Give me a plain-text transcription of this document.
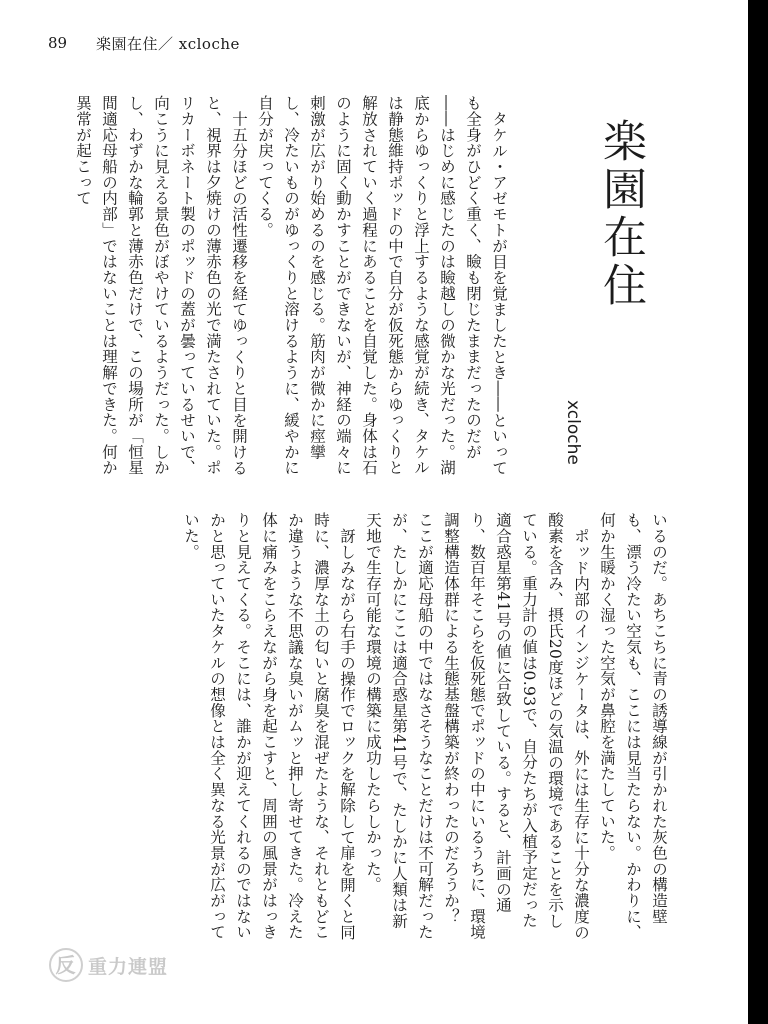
89 楽園在住／ xcloche
楽園在住
xcloche

タケル・アゼモトが目を覚ましたとき――といっても全身がひどく重く、瞼も閉じたままだったのだが――はじめに感じたのは瞼越しの微かな光だった。湖底からゆっくりと浮上するような感覚が続き、タケルは静態維持ポッドの中で自分が仮死態からゆっくりと解放されていく過程にあることを自覚した。身体は石のように固く動かすことができないが、神経の端々に刺激が広がり始めるのを感じる。筋肉が微かに痙攣し、冷たいものがゆっくりと溶けるように、緩やかに自分が戻ってくる。

十五分ほどの活性遷移を経てゆっくりと目を開けると、視界は夕焼けの薄赤色の光で満たされていた。ポリカーボネート製のポッドの蓋が曇っているせいで、向こうに見える景色がぼやけているようだった。しかし、わずかな輪郭と薄赤色だけで、この場所が「恒星間適応母船の内部」ではないことは理解できた。何か異常が起こって

いるのだ。あちこちに青の誘導線が引かれた灰色の構造壁も、漂う冷たい空気も、ここには見当たらない。かわりに、何か生暖かく湿った空気が鼻腔を満たしていた。

ポッド内部のインジケータは、外には生存に十分な濃度の酸素を含み、摂氏20度ほどの気温の環境であることを示している。重力計の値は0.93で、自分たちが入植予定だった適合惑星第41号の値に合致している。すると、計画の通り、数百年そこらを仮死態でポッドの中にいるうちに、環境調整構造体群による生態基盤構築が終わったのだろうか？　ここが適応母船の中ではなさそうなことだけは不可解だったが、たしかにここは適合惑星第41号で、たしかに人類は新天地で生存可能な環境の構築に成功したらしかった。

訝しみながら右手の操作でロックを解除して扉を開くと同時に、濃厚な土の匂いと腐臭を混ぜたような、それともどこか違うような不思議な臭いがムッと押し寄せてきた。冷えた体に痛みをこらえながら身を起こすと、周囲の風景がはっきりと見えてくる。そこには、誰かが迎えてくれるのではないかと思っていたタケルの想像とは全く異なる光景が広がっていた。

反 重力連盟
